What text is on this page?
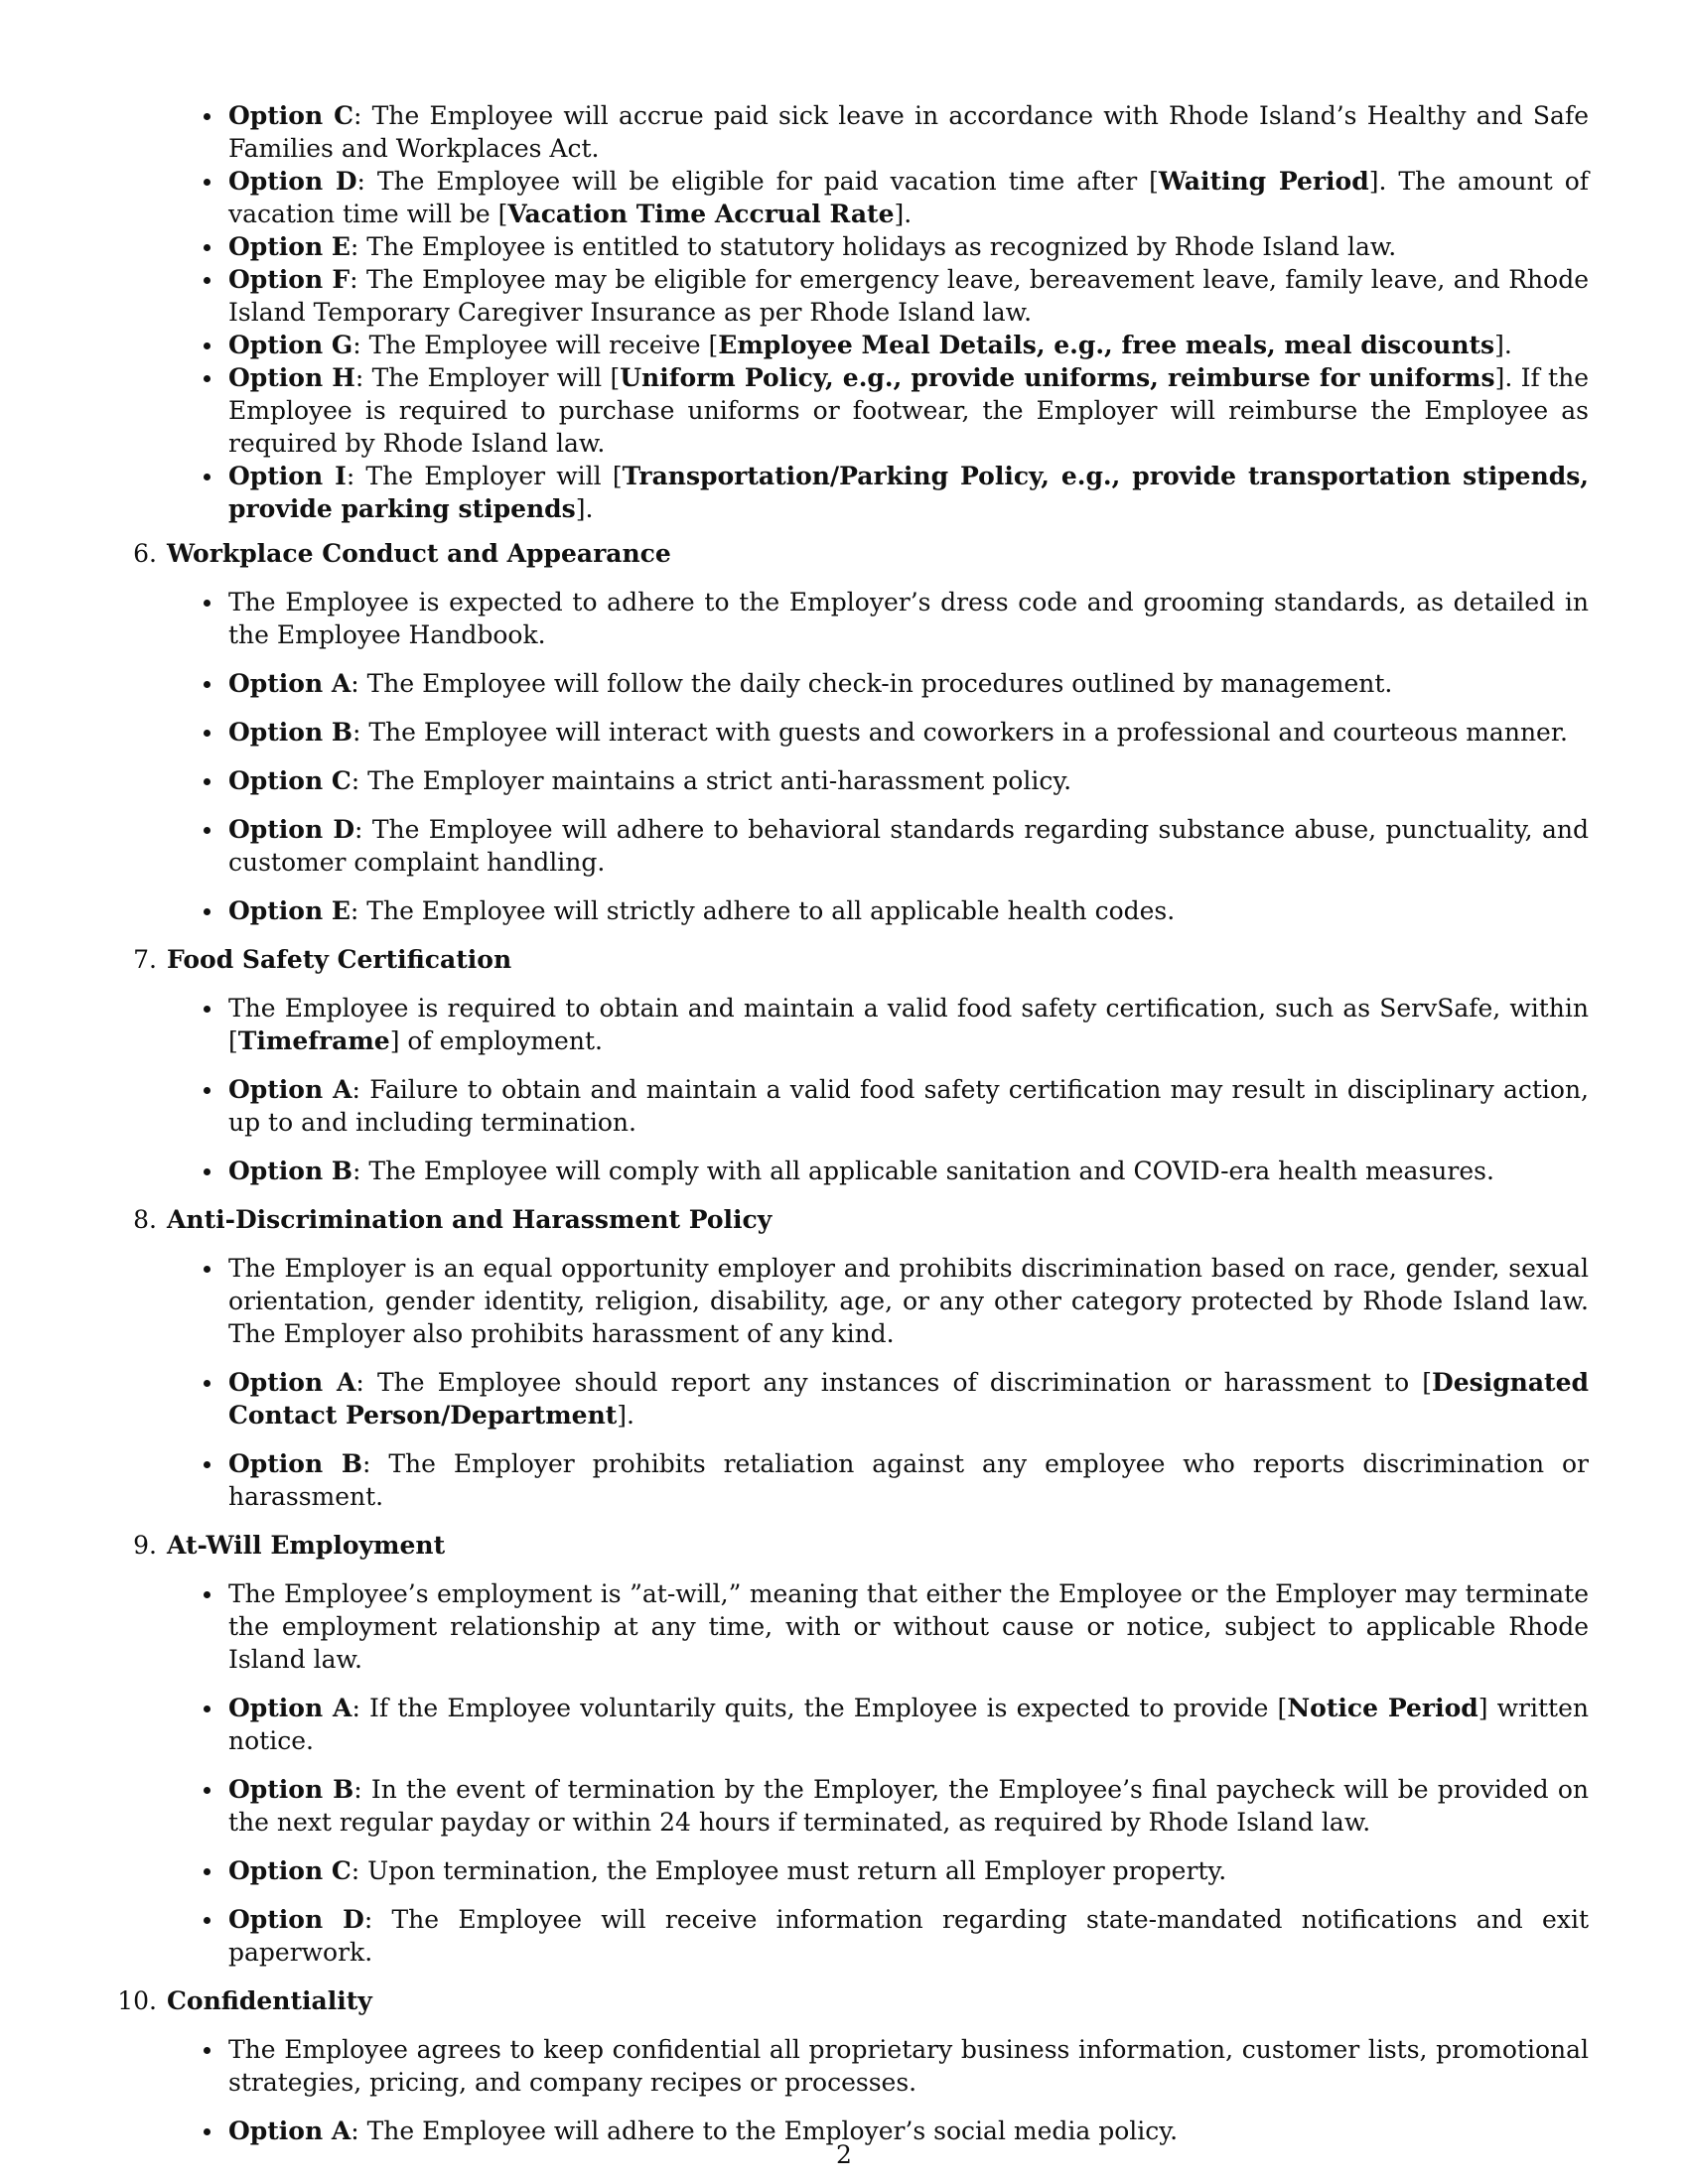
Option C: The Employee will accrue paid sick leave in accordance with Rhode Island’s Healthy and Safe Families and Workplaces Act.
Option D: The Employee will be eligible for paid vacation time after [Waiting Period]. The amount of vacation time will be [Vacation Time Accrual Rate].
Option E: The Employee is entitled to statutory holidays as recognized by Rhode Island law.
Option F: The Employee may be eligible for emergency leave, bereavement leave, family leave, and Rhode Island Temporary Caregiver Insurance as per Rhode Island law.
Option G: The Employee will receive [Employee Meal Details, e.g., free meals, meal discounts].
Option H: The Employer will [Uniform Policy, e.g., provide uniforms, reimburse for uniforms]. If the Employee is required to purchase uniforms or footwear, the Employer will reimburse the Employee as required by Rhode Island law.
Option I: The Employer will [Transportation/Parking Policy, e.g., provide transportation stipends, provide parking stipends].
6. Workplace Conduct and Appearance
The Employee is expected to adhere to the Employer’s dress code and grooming standards, as detailed in the Employee Handbook.
Option A: The Employee will follow the daily check-in procedures outlined by management.
Option B: The Employee will interact with guests and coworkers in a professional and courteous manner.
Option C: The Employer maintains a strict anti-harassment policy.
Option D: The Employee will adhere to behavioral standards regarding substance abuse, punctuality, and customer complaint handling.
Option E: The Employee will strictly adhere to all applicable health codes.
7. Food Safety Certification
The Employee is required to obtain and maintain a valid food safety certification, such as ServSafe, within [Timeframe] of employment.
Option A: Failure to obtain and maintain a valid food safety certification may result in disciplinary action, up to and including termination.
Option B: The Employee will comply with all applicable sanitation and COVID-era health measures.
8. Anti-Discrimination and Harassment Policy
The Employer is an equal opportunity employer and prohibits discrimination based on race, gender, sexual orientation, gender identity, religion, disability, age, or any other category protected by Rhode Island law. The Employer also prohibits harassment of any kind.
Option A: The Employee should report any instances of discrimination or harassment to [Designated Contact Person/Department].
Option B: The Employer prohibits retaliation against any employee who reports discrimination or harassment.
9. At-Will Employment
The Employee’s employment is ”at-will,” meaning that either the Employee or the Employer may terminate the employment relationship at any time, with or without cause or notice, subject to applicable Rhode Island law.
Option A: If the Employee voluntarily quits, the Employee is expected to provide [Notice Period] written notice.
Option B: In the event of termination by the Employer, the Employee’s final paycheck will be provided on the next regular payday or within 24 hours if terminated, as required by Rhode Island law.
Option C: Upon termination, the Employee must return all Employer property.
Option D: The Employee will receive information regarding state-mandated notifications and exit paperwork.
10. Confidentiality
The Employee agrees to keep confidential all proprietary business information, customer lists, promotional strategies, pricing, and company recipes or processes.
Option A: The Employee will adhere to the Employer’s social media policy.
2
